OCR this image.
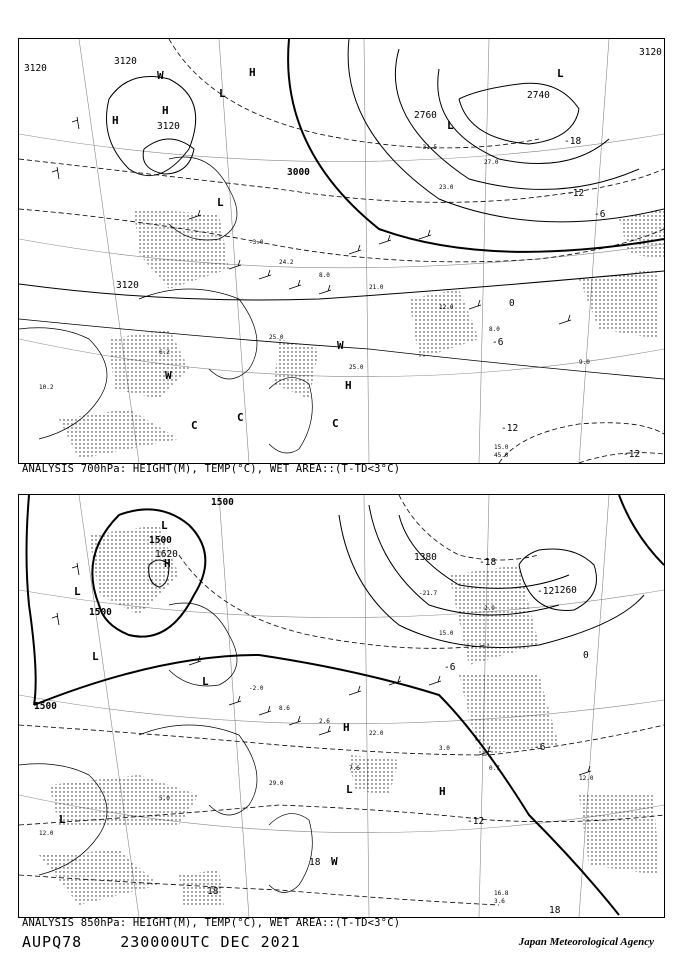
-3.0
24.2
8.0
21.0
25.0
25.0
12.0
8.0
9.0
15.0
45.0
10.2
6.2
-31.5
23.0
27.0
3120
3120
3120
3120
3000
2760
2740
3120
-18
-12
-6
0
-6
-12
-12
H
H
H
L
L
L
W
W
W
C
C	C
H
L
ANALYSIS 700hPa: HEIGHT(M), TEMP(°C), WET AREA::(T-TD<3°C)
-2.0
8.6
2.6
22.0
29.0
7.6
3.0
0.7
12.0
16.8
3.6
12.0
5.0
-21.7
15.0
2.9
1500
1500
1500
1500
1260
1380
1620
-18
-12
-6
0
-6
-12
18
18
18
H
L
L
L
L
H
H
L
W
L
ANALYSIS 850hPa: HEIGHT(M), TEMP(°C), WET AREA::(T-TD<3°C)
AUPQ78	230000UTC DEC 2021	Japan Meteorological Agency
